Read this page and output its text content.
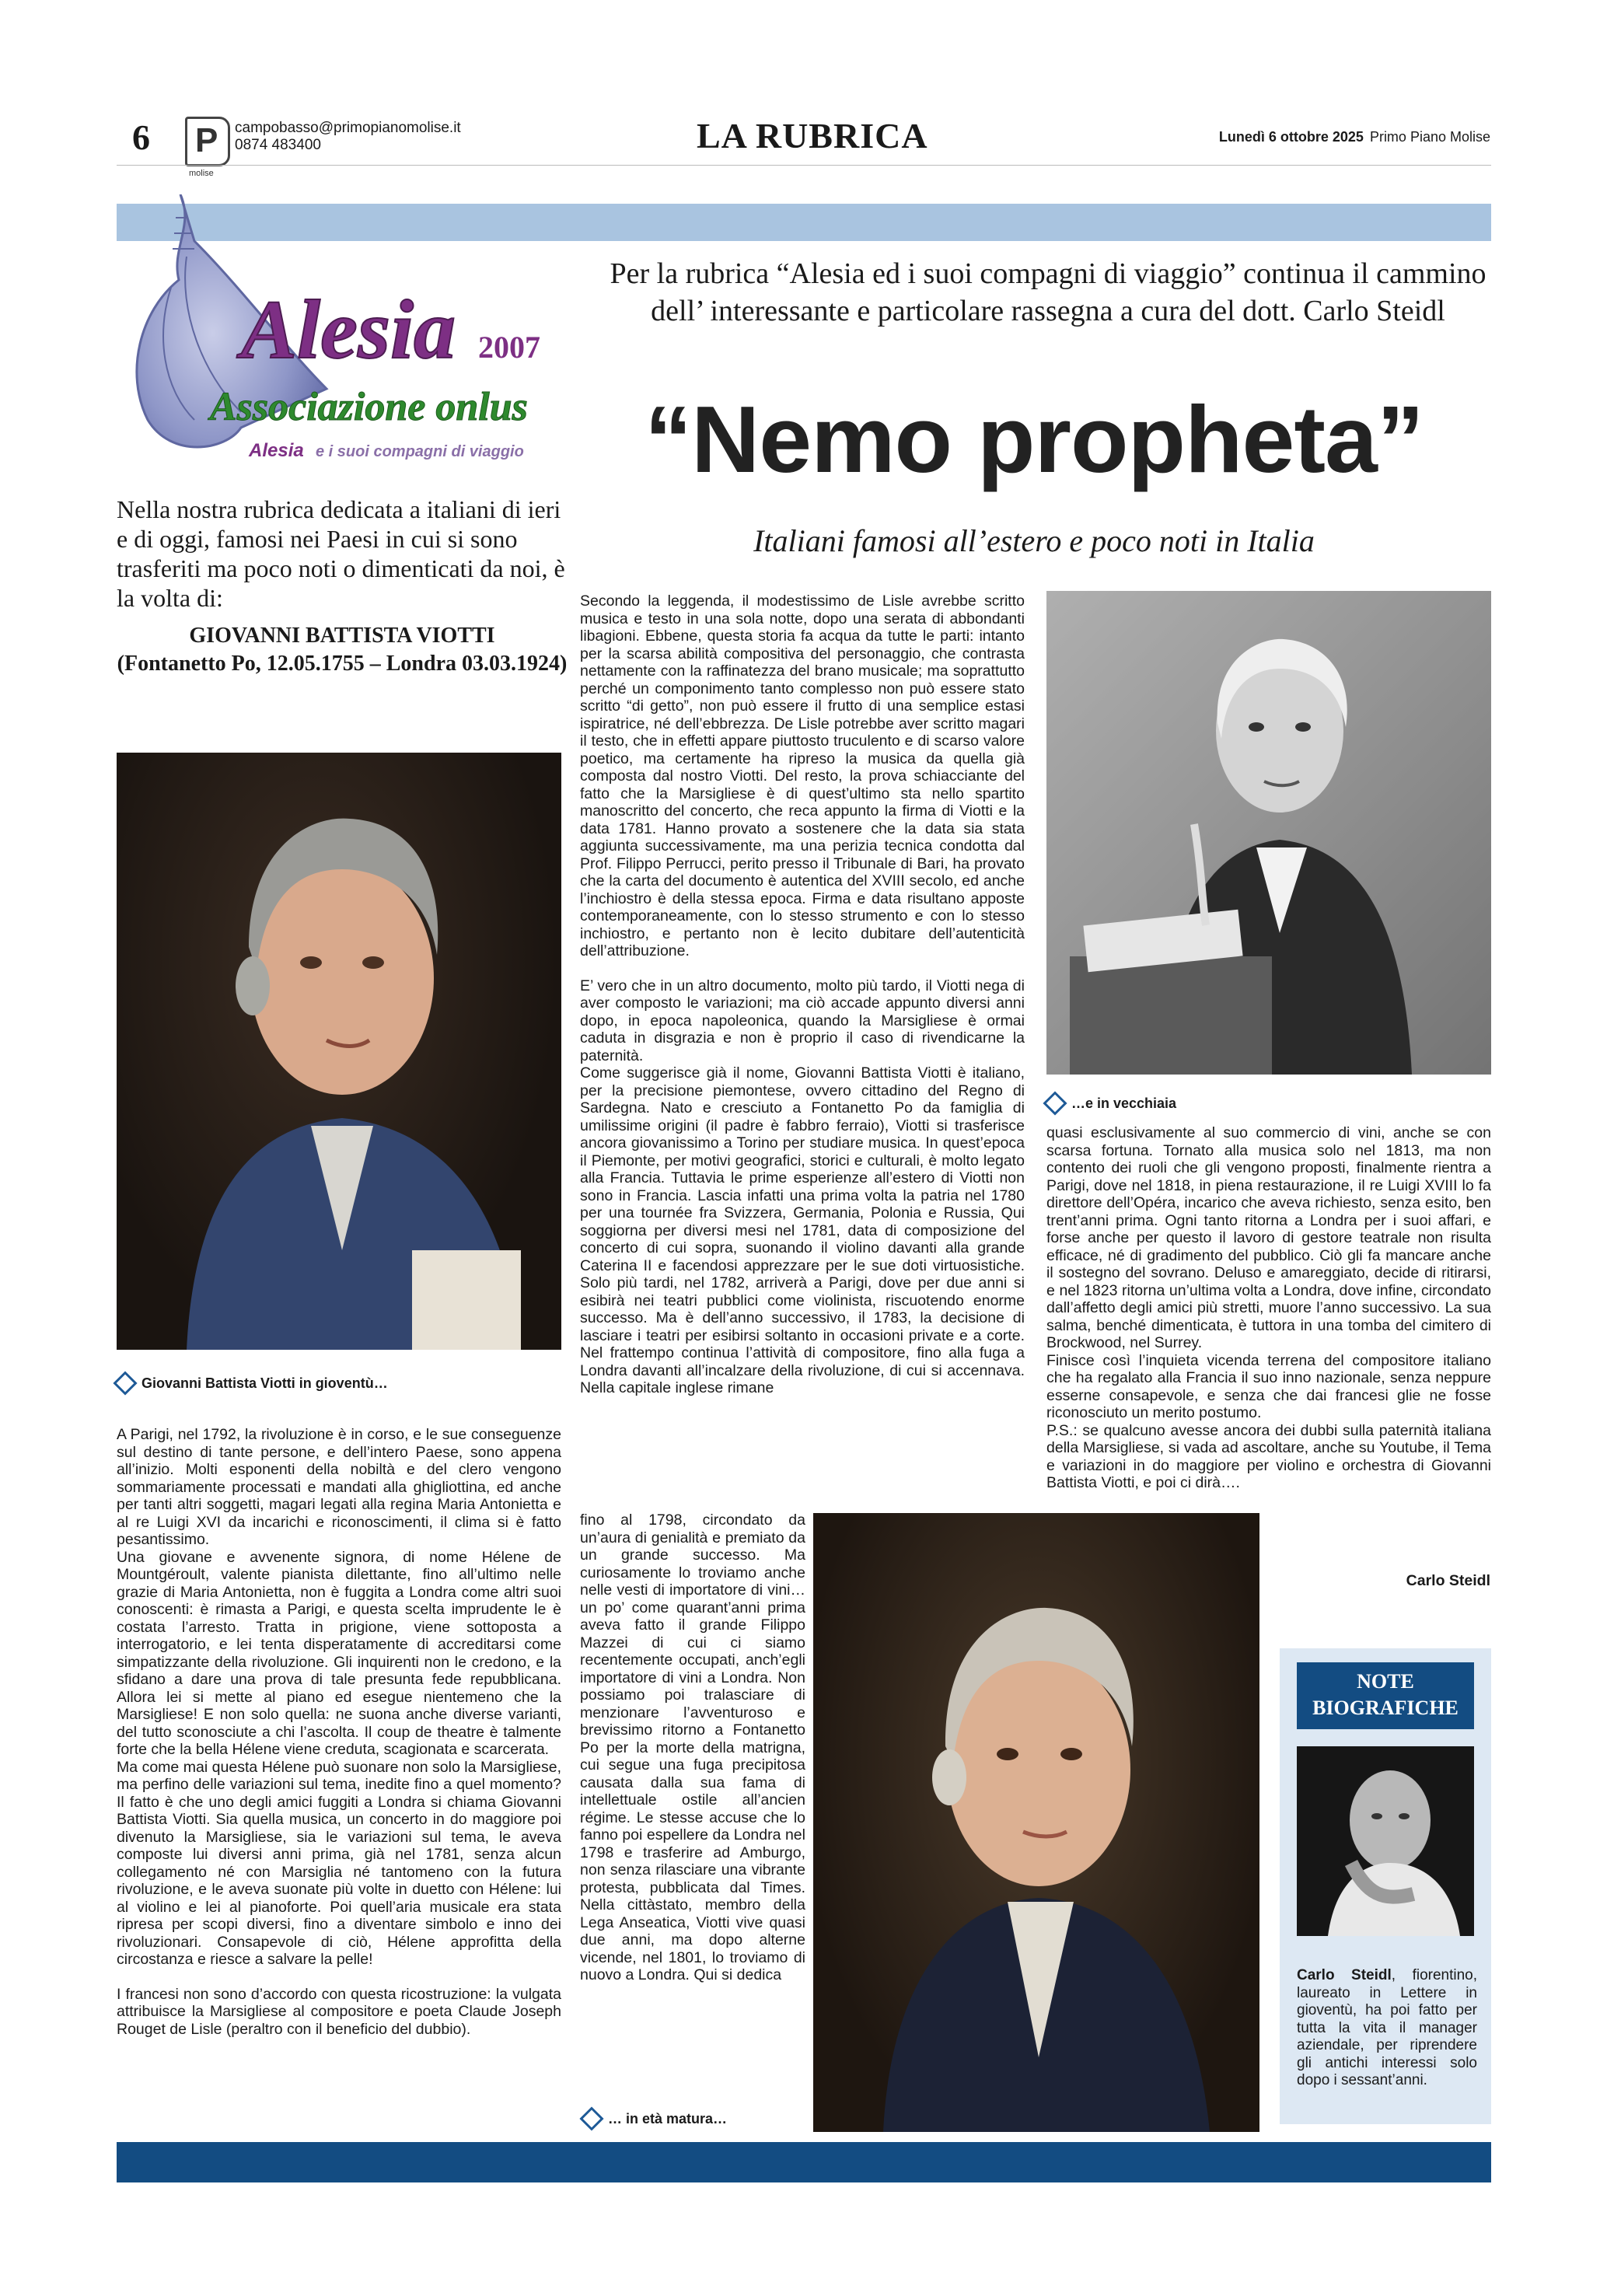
6 P
molise
campobasso@primopianomolise.it
0874 483400	LA RUBRICA	Lunedì 6 ottobre 2025 Primo Piano Molise
Alesia 2007
Associazione onlus
Alesia e i suoi compagni di viaggio
Nella nostra rubrica dedicata a italiani di ieri e di oggi, famosi nei Paesi in cui si sono trasferiti ma poco noti o dimenticati da noi, è la volta di:
GIOVANNI BATTISTA VIOTTI
(Fontanetto Po, 12.05.1755 – Londra 03.03.1924)
Giovanni Battista Viotti in gioventù…

A Parigi, nel 1792, la rivoluzione è in corso, e le sue conseguenze sul destino di tante persone, e dell’intero Paese, sono appena all’inizio. Molti esponenti della nobiltà e del clero vengono sommariamente processati e mandati alla ghigliottina, ed anche per tanti altri soggetti, magari legati alla regina Maria Antonietta e al re Luigi XVI da incarichi e riconoscimenti, il clima si è fatto pesantissimo.

Una giovane e avvenente signora, di nome Hélene de Mountgéroult, valente pianista dilettante, fino all’ultimo nelle grazie di Maria Antonietta, non è fuggita a Londra come altri suoi conoscenti: è rimasta a Parigi, e questa scelta imprudente le è costata l’arresto. Tratta in prigione, viene sottoposta a interrogatorio, e lei tenta disperatamente di accreditarsi come simpatizzante della rivoluzione. Gli inquirenti non le credono, e la sfidano a dare una prova di tale presunta fede repubblicana. Allora lei si mette al piano ed esegue nientemeno che la Marsigliese! E non solo quella: ne suona anche diverse varianti, del tutto sconosciute a chi l’ascolta. Il coup de theatre è talmente forte che la bella Hélene viene creduta, scagionata e scarcerata.

Ma come mai questa Hélene può suonare non solo la Marsigliese, ma perfino delle variazioni sul tema, inedite fino a quel momento? Il fatto è che uno degli amici fuggiti a Londra si chiama Giovanni Battista Viotti. Sia quella musica, un concerto in do maggiore poi divenuto la Marsigliese, sia le variazioni sul tema, le aveva composte lui diversi anni prima, già nel 1781, senza alcun collegamento né con Marsiglia né tantomeno con la futura rivoluzione, e le aveva suonate più volte in duetto con Hélene: lui al violino e lei al pianoforte. Poi quell’aria musicale era stata ripresa per scopi diversi, fino a diventare simbolo e inno dei rivoluzionari. Consapevole di ciò, Hélene approfitta della circostanza e riesce a salvare la pelle!

I francesi non sono d’accordo con questa ricostruzione: la vulgata attribuisce la Marsigliese al compositore e poeta Claude Joseph Rouget de Lisle (peraltro con il beneficio del dubbio).

Per la rubrica “Alesia ed i suoi compagni di viaggio” continua il cammino dell’ interessante e particolare rassegna a cura del dott. Carlo Steidl
“Nemo propheta”
Italiani famosi all’estero e poco noti in Italia

Secondo la leggenda, il modestissimo de Lisle avrebbe scritto musica e testo in una sola notte, dopo una serata di abbondanti libagioni. Ebbene, questa storia fa acqua da tutte le parti: intanto per la scarsa abilità compositiva del personaggio, che contrasta nettamente con la raffinatezza del brano musicale; ma soprattutto perché un componimento tanto complesso non può essere stato scritto “di getto”, non può essere il frutto di una semplice estasi ispiratrice, né dell’ebbrezza. De Lisle potrebbe aver scritto magari il testo, che in effetti appare piuttosto truculento e di scarso valore poetico, ma certamente ha ripreso la musica da quella già composta dal nostro Viotti. Del resto, la prova schiacciante del fatto che la Marsigliese è di quest’ultimo sta nello spartito manoscritto del concerto, che reca appunto la firma di Viotti e la data 1781. Hanno provato a sostenere che la data sia stata aggiunta successivamente, ma una perizia tecnica condotta dal Prof. Filippo Perrucci, perito presso il Tribunale di Bari, ha provato che la carta del documento è autentica del XVIII secolo, ed anche l’inchiostro è della stessa epoca. Firma e data risultano apposte contemporaneamente, con lo stesso strumento e con lo stesso inchiostro, e pertanto non è lecito dubitare dell’autenticità dell’attribuzione.

E’ vero che in un altro documento, molto più tardo, il Viotti nega di aver composto le variazioni; ma ciò accade appunto diversi anni dopo, in epoca napoleonica, quando la Marsigliese è ormai caduta in disgrazia e non è proprio il caso di rivendicarne la paternità.

Come suggerisce già il nome, Giovanni Battista Viotti è italiano, per la precisione piemontese, ovvero cittadino del Regno di Sardegna. Nato e cresciuto a Fontanetto Po da famiglia di umilissime origini (il padre è fabbro ferraio), Viotti si trasferisce ancora giovanissimo a Torino per studiare musica. In quest’epoca il Piemonte, per motivi geografici, storici e culturali, è molto legato alla Francia. Tuttavia le prime esperienze all’estero di Viotti non sono in Francia. Lascia infatti una prima volta la patria nel 1780 per una tournée fra Svizzera, Germania, Polonia e Russia, Qui soggiorna per diversi mesi nel 1781, data di composizione del concerto di cui sopra, suonando il violino davanti alla grande Caterina II e facendosi apprezzare per le sue doti virtuosistiche. Solo più tardi, nel 1782, arriverà a Parigi, dove per due anni si esibirà nei teatri pubblici come violinista, riscuotendo enorme successo. Ma è dell’anno successivo, il 1783, la decisione di lasciare i teatri per esibirsi soltanto in occasioni private e a corte. Nel frattempo continua l’attività di compositore, fino alla fuga a Londra davanti all’incalzare della rivoluzione, di cui si accennava. Nella capitale inglese rimane

…e in vecchiaia

quasi esclusivamente al suo commercio di vini, anche se con scarsa fortuna. Tornato alla musica solo nel 1813, ma non contento dei ruoli che gli vengono proposti, finalmente rientra a Parigi, dove nel 1818, in piena restaurazione, il re Luigi XVIII lo fa direttore dell’Opéra, incarico che aveva richiesto, senza esito, ben trent’anni prima. Ogni tanto ritorna a Londra per i suoi affari, e forse anche per questo il lavoro di gestore teatrale non risulta efficace, né di gradimento del pubblico. Ciò gli fa mancare anche il sostegno del sovrano. Deluso e amareggiato, decide di ritirarsi, e nel 1823 ritorna un’ultima volta a Londra, dove infine, circondato dall’affetto degli amici più stretti, muore l’anno successivo. La sua salma, benché dimenticata, è tuttora in una tomba del cimitero di Brockwood, nel Surrey.

Finisce così l’inquieta vicenda terrena del compositore italiano che ha regalato alla Francia il suo inno nazionale, senza neppure esserne consapevole, e senza che dai francesi glie ne fosse riconosciuto un merito postumo.

P.S.: se qualcuno avesse ancora dei dubbi sulla paternità italiana della Marsigliese, si vada ad ascoltare, anche su Youtube, il Tema e variazioni in do maggiore per violino e orchestra di Giovanni Battista Viotti, e poi ci dirà….

Carlo Steidl
fino al 1798, circondato da un’aura di genialità e premiato da un grande successo. Ma curiosamente lo troviamo anche nelle vesti di importatore di vini… un po’ come quarant’anni prima aveva fatto il grande Filippo Mazzei di cui ci siamo recentemente occupati, anch’egli importatore di vini a Londra. Non possiamo poi tralasciare di menzionare l’avventuroso e brevissimo ritorno a Fontanetto Po per la morte della matrigna, cui segue una fuga precipitosa causata dalla sua fama di intellettuale ostile all’ancien régime. Le stesse accuse che lo fanno poi espellere da Londra nel 1798 e trasferire ad Amburgo, non senza rilasciare una vibrante protesta, pubblicata dal Times. Nella cittàstato, membro della Lega Anseatica, Viotti vive quasi due anni, ma dopo alterne vicende, nel 1801, lo troviamo di nuovo a Londra. Qui si dedica
… in età matura…
NOTE
BIOGRAFICHE
Carlo Steidl, fiorentino, laureato in Lettere in gioventù, ha poi fatto per tutta la vita il manager aziendale, per riprendere gli antichi interessi solo dopo i sessant’anni.
